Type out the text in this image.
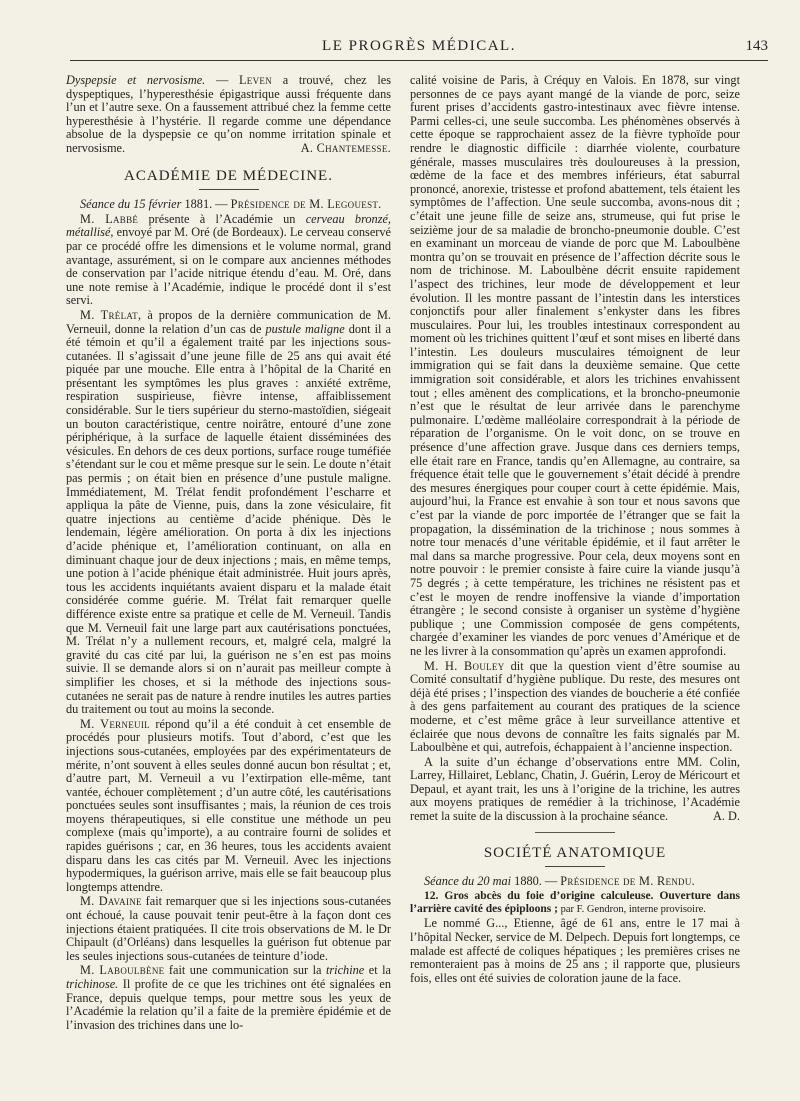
LE PROGRÈS MÉDICAL.	143

Dyspepsie et nervosisme. — Leven a trouvé, chez les dyspeptiques, l’hyperesthésie épigastrique aussi fréquente dans l’un et l’autre sexe. On a faussement attribué chez la femme cette hyperesthésie à l’hystérie. Il regarde comme une dépendance absolue de la dyspepsie ce qu’on nomme irritation spinale et nervosisme.	A. Chantemesse.

ACADÉMIE DE MÉDECINE.

Séance du 15 février 1881. — Présidence de M. Legouest.

M. Labbé présente à l’Académie un cerveau bronzé, métallisé, envoyé par M. Oré (de Bordeaux). Le cerveau conservé par ce procédé offre les dimensions et le volume normal, grand avantage, assurément, si on le compare aux anciennes méthodes de conservation par l’acide nitrique étendu d’eau. M. Oré, dans une note remise à l’Académie, indique le procédé dont il s’est servi.

M. Trélat, à propos de la dernière communication de M. Verneuil, donne la relation d’un cas de pustule maligne dont il a été témoin et qu’il a également traité par les injections sous-cutanées. Il s’agissait d’une jeune fille de 25 ans qui avait été piquée par une mouche. Elle entra à l’hôpital de la Charité en présentant les symptômes les plus graves : anxiété extrême, respiration suspirieuse, fièvre intense, affaiblissement considérable. Sur le tiers supérieur du sterno-mastoïdien, siégeait un bouton caractéristique, centre noirâtre, entouré d’une zone périphérique, à la surface de laquelle étaient disséminées des vésicules. En dehors de ces deux portions, surface rouge tuméfiée s’étendant sur le cou et même presque sur le sein. Le doute n’était pas permis ; on était bien en présence d’une pustule maligne. Immédiatement, M. Trélat fendit profondément l’escharre et appliqua la pâte de Vienne, puis, dans la zone vésiculaire, fit quatre injections au centième d’acide phénique. Dès le lendemain, légère amélioration. On porta à dix les injections d’acide phénique et, l’amélioration continuant, on alla en diminuant chaque jour de deux injections ; mais, en même temps, une potion à l’acide phénique était administrée. Huit jours après, tous les accidents inquiétants avaient disparu et la malade était considérée comme guérie. M. Trélat fait remarquer quelle différence existe entre sa pratique et celle de M. Verneuil. Tandis que M. Verneuil fait une large part aux cautérisations ponctuées, M. Trélat n’y a nullement recours, et, malgré cela, malgré la gravité du cas cité par lui, la guérison ne s’en est pas moins suivie. Il se demande alors si on n’aurait pas meilleur compte à simplifier les choses, et si la méthode des injections sous-cutanées ne serait pas de nature à rendre inutiles les autres parties du traitement ou tout au moins la seconde.

M. Verneuil répond qu’il a été conduit à cet ensemble de procédés pour plusieurs motifs. Tout d’abord, c’est que les injections sous-cutanées, employées par des expérimentateurs de mérite, n’ont souvent à elles seules donné aucun bon résultat ; et, d’autre part, M. Verneuil a vu l’extirpation elle-même, tant vantée, échouer complètement ; d’un autre côté, les cautérisations ponctuées seules sont insuffisantes ; mais, la réunion de ces trois moyens thérapeutiques, si elle constitue une méthode un peu complexe (mais qu’importe), a au contraire fourni de solides et rapides guérisons ; car, en 36 heures, tous les accidents avaient disparu dans les cas cités par M. Verneuil. Avec les injections hypodermiques, la guérison arrive, mais elle se fait beaucoup plus longtemps attendre.

M. Davaine fait remarquer que si les injections sous-cutanées ont échoué, la cause pouvait tenir peut-être à la façon dont ces injections étaient pratiquées. Il cite trois observations de M. le Dr Chipault (d’Orléans) dans lesquelles la guérison fut obtenue par les seules injections sous-cutanées de teinture d’iode.

M. Laboulbène fait une communication sur la trichine et la trichinose. Il profite de ce que les trichines ont été signalées en France, depuis quelque temps, pour mettre sous les yeux de l’Académie la relation qu’il a faite de la première épidémie et de l’invasion des trichines dans une lo-

calité voisine de Paris, à Créquy en Valois. En 1878, sur vingt personnes de ce pays ayant mangé de la viande de porc, seize furent prises d’accidents gastro-intestinaux avec fièvre intense. Parmi celles-ci, une seule succomba. Les phénomènes observés à cette époque se rapprochaient assez de la fièvre typhoïde pour rendre le diagnostic difficile : diarrhée violente, courbature générale, masses musculaires très douloureuses à la pression, œdème de la face et des membres inférieurs, état saburral prononcé, anorexie, tristesse et profond abattement, tels étaient les symptômes de l’affection. Une seule succomba, avons-nous dit ; c’était une jeune fille de seize ans, strumeuse, qui fut prise le seizième jour de sa maladie de broncho-pneumonie double. C’est en examinant un morceau de viande de porc que M. Laboulbène montra qu’on se trouvait en présence de l’affection décrite sous le nom de trichinose. M. Laboulbène décrit ensuite rapidement l’aspect des trichines, leur mode de développement et leur évolution. Il les montre passant de l’intestin dans les interstices conjonctifs pour aller finalement s’enkyster dans les fibres musculaires. Pour lui, les troubles intestinaux correspondent au moment où les trichines quittent l’œuf et sont mises en liberté dans l’intestin. Les douleurs musculaires témoignent de leur immigration qui se fait dans la deuxième semaine. Que cette immigration soit considérable, et alors les trichines envahissent tout ; elles amènent des complications, et la broncho-pneumonie n’est que le résultat de leur arrivée dans le parenchyme pulmonaire. L’œdème malléolaire correspondrait à la période de réparation de l’organisme. On le voit donc, on se trouve en présence d’une affection grave. Jusque dans ces derniers temps, elle était rare en France, tandis qu’en Allemagne, au contraire, sa fréquence était telle que le gouvernement s’était décidé à prendre des mesures énergiques pour couper court à cette épidémie. Mais, aujourd’hui, la France est envahie à son tour et nous savons que c’est par la viande de porc importée de l’étranger que se fait la propagation, la dissémination de la trichinose ; nous sommes à notre tour menacés d’une véritable épidémie, et il faut arrêter le mal dans sa marche progressive. Pour cela, deux moyens sont en notre pouvoir : le premier consiste à faire cuire la viande jusqu’à 75 degrés ; à cette température, les trichines ne résistent pas et c’est le moyen de rendre inoffensive la viande d’importation étrangère ; le second consiste à organiser un système d’hygiène publique ; une Commission composée de gens compétents, chargée d’examiner les viandes de porc venues d’Amérique et de ne les livrer à la consommation qu’après un examen approfondi.

M. H. Bouley dit que la question vient d’être soumise au Comité consultatif d’hygiène publique. Du reste, des mesures ont déjà été prises ; l’inspection des viandes de boucherie a été confiée à des gens parfaitement au courant des pratiques de la science moderne, et c’est même grâce à leur surveillance attentive et éclairée que nous devons de connaître les faits signalés par M. Laboulbène et qui, autrefois, échappaient à l’ancienne inspection.

A la suite d’un échange d’observations entre MM. Colin, Larrey, Hillairet, Leblanc, Chatin, J. Guérin, Leroy de Méricourt et Depaul, et ayant trait, les uns à l’origine de la trichine, les autres aux moyens pratiques de remédier à la trichinose, l’Académie remet la suite de la discussion à la prochaine séance.	A. D.

SOCIÉTÉ ANATOMIQUE

Séance du 20 mai 1880. — Présidence de M. Rendu.

12. Gros abcès du foie d’origine calculeuse. Ouverture dans l’arrière cavité des épiploons ; par F. Gendron, interne provisoire.

Le nommé G..., Etienne, âgé de 61 ans, entre le 17 mai à l’hôpital Necker, service de M. Delpech. Depuis fort longtemps, ce malade est affecté de coliques hépatiques ; les premières crises ne remonteraient pas à moins de 25 ans ; il rapporte que, plusieurs fois, elles ont été suivies de coloration jaune de la face.
